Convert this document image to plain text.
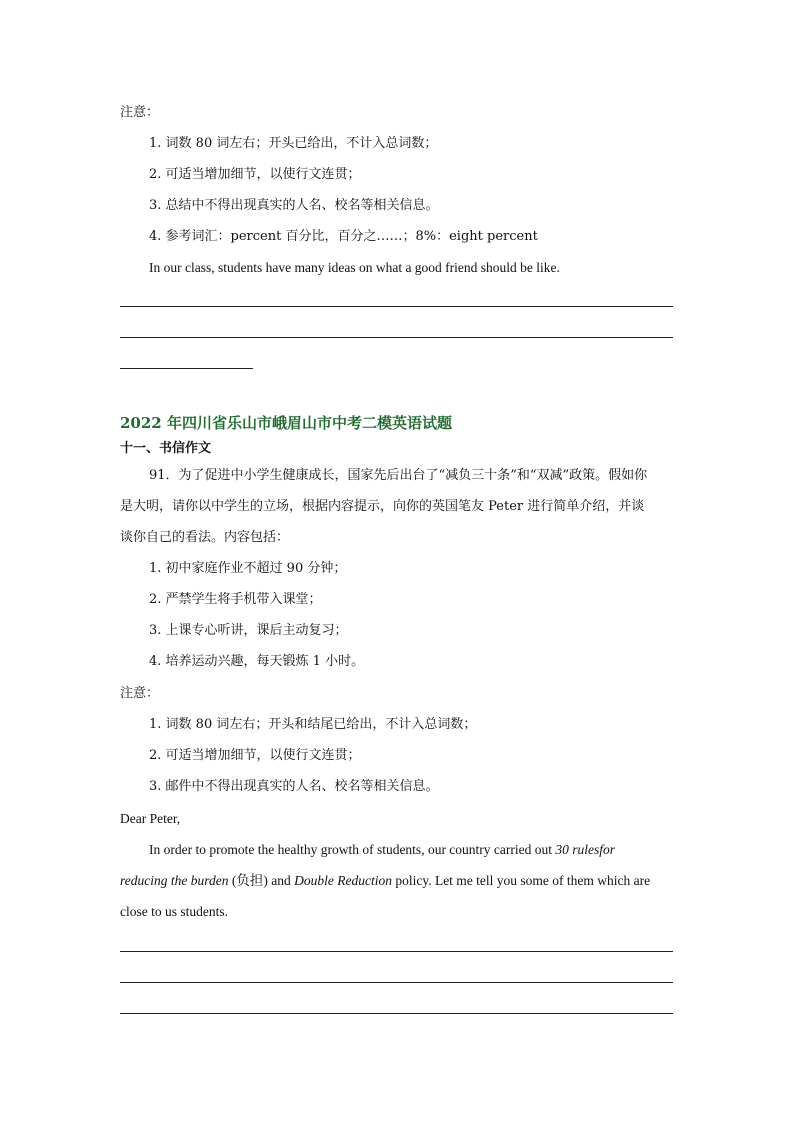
注意：
1. 词数 80 词左右；开头已给出，不计入总词数；
2. 可适当增加细节，以使行文连贯；
3. 总结中不得出现真实的人名、校名等相关信息。
4. 参考词汇：percent 百分比，百分之……；8%：eight percent
In our class, students have many ideas on what a good friend should be like.
2022 年四川省乐山市峨眉山市中考二模英语试题
十一、书信作文
91．为了促进中小学生健康成长，国家先后出台了“减负三十条”和“双减”政策。假如你
是大明，请你以中学生的立场，根据内容提示，向你的英国笔友 Peter 进行简单介绍，并谈
谈你自己的看法。内容包括：
1. 初中家庭作业不超过 90 分钟；
2. 严禁学生将手机带入课堂；
3. 上课专心听讲，课后主动复习；
4. 培养运动兴趣，每天锻炼 1 小时。
注意：
1. 词数 80 词左右；开头和结尾已给出，不计入总词数；
2. 可适当增加细节，以使行文连贯；
3. 邮件中不得出现真实的人名、校名等相关信息。
Dear Peter,
In order to promote the healthy growth of students, our country carried out 30 rulesfor
reducing the burden (负担) and Double Reduction policy. Let me tell you some of them which are
close to us students.
